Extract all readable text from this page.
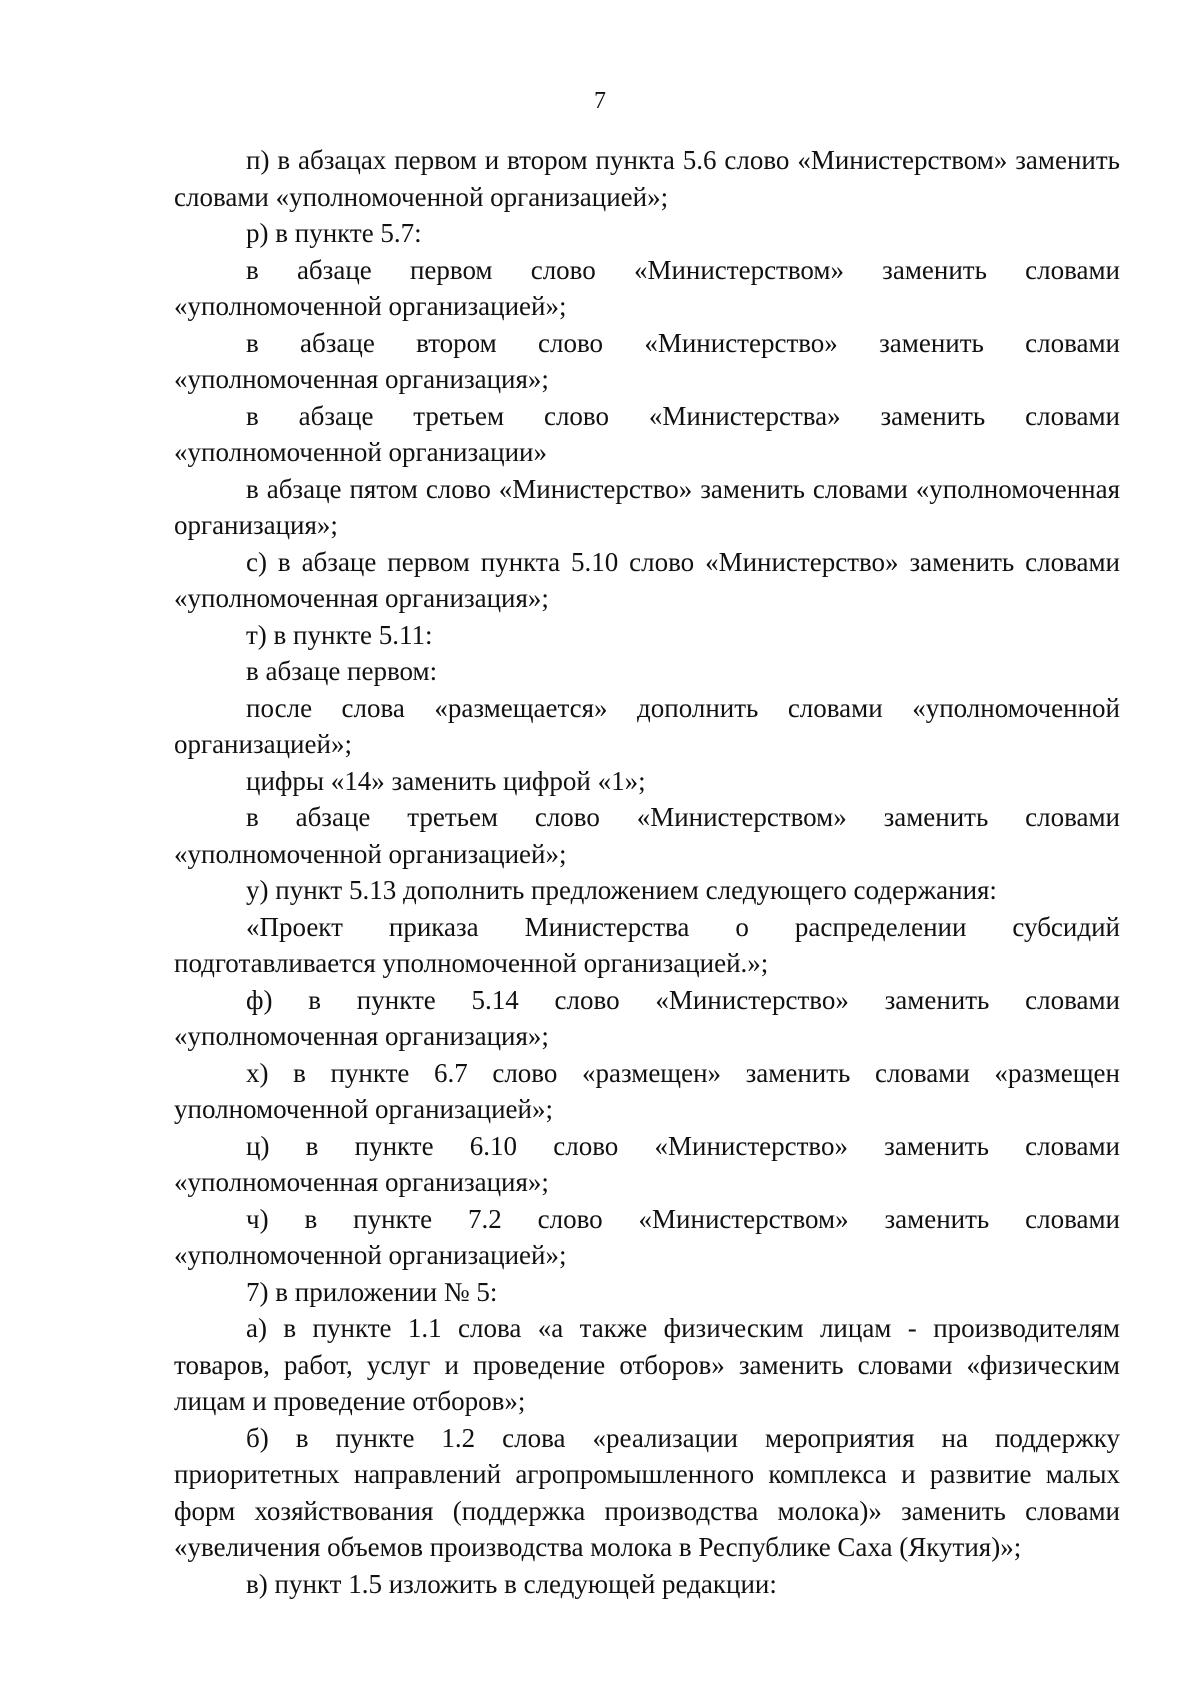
7

п) в абзацах первом и втором пункта 5.6 слово «Министерством» заменить словами «уполномоченной организацией»;

р) в пункте 5.7:

в абзаце первом слово «Министерством» заменить словами «уполномоченной организацией»;

в абзаце втором слово «Министерство» заменить словами «уполномоченная организация»;

в абзаце третьем слово «Министерства» заменить словами «уполномоченной организации»

в абзаце пятом слово «Министерство» заменить словами «уполномоченная организация»;

с) в абзаце первом пункта 5.10 слово «Министерство» заменить словами «уполномоченная организация»;

т) в пункте 5.11:

в абзаце первом:

после слова «размещается» дополнить словами «уполномоченной организацией»;

цифры «14» заменить цифрой «1»;

в абзаце третьем слово «Министерством» заменить словами «уполномоченной организацией»;

у) пункт 5.13 дополнить предложением следующего содержания:

«Проект приказа Министерства о распределении субсидий подготавливается уполномоченной организацией.»;

ф) в пункте 5.14 слово «Министерство» заменить словами «уполномоченная организация»;

х) в пункте 6.7 слово «размещен» заменить словами «размещен уполномоченной организацией»;

ц) в пункте 6.10 слово «Министерство» заменить словами «уполномоченная организация»;

ч) в пункте 7.2 слово «Министерством» заменить словами «уполномоченной организацией»;

7) в приложении № 5:

а) в пункте 1.1 слова «а также физическим лицам - производителям товаров, работ, услуг и проведение отборов» заменить словами «физическим лицам и проведение отборов»;

б) в пункте 1.2 слова «реализации мероприятия на поддержку приоритетных направлений агропромышленного комплекса и развитие малых форм хозяйствования (поддержка производства молока)» заменить словами «увеличения объемов производства молока в Республике Саха (Якутия)»;

в) пункт 1.5 изложить в следующей редакции:
